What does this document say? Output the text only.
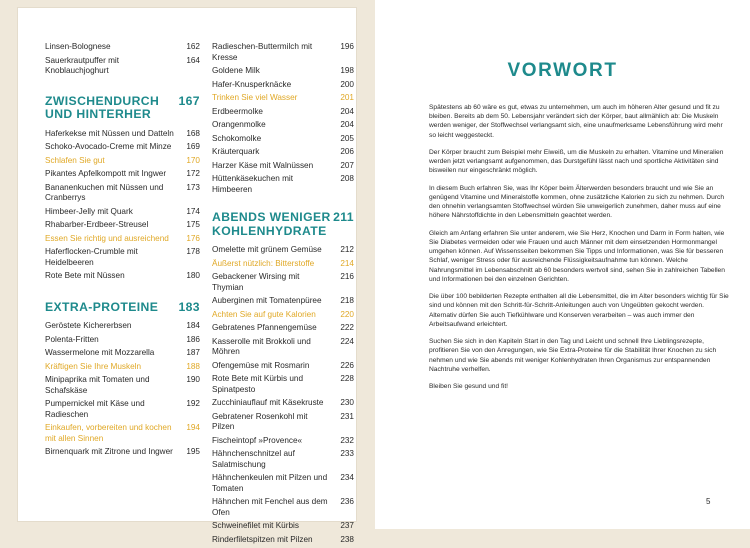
Linsen-Bolognese	162
Sauerkrautpuffer mit Knoblauchjoghurt
164
ZWISCHENDURCH UND HINTERHER
167
Haferkekse mit Nüssen und Datteln	168
Schoko-Avocado-Creme mit Minze	169
Schlafen Sie gut	170
Pikantes Apfelkompott mit Ingwer	172
Bananenkuchen mit Nüssen und Cranberrys
173
Himbeer-Jelly mit Quark	174
Rhabarber-Erdbeer-Streusel	175
Essen Sie richtig und ausreichend	176
Haferflocken-Crumble mit Heidelbeeren
178
Rote Bete mit Nüssen	180
EXTRA-PROTEINE 183
Geröstete Kichererbsen	184
Polenta-Fritten	186
Wassermelone mit Mozzarella	187
Kräftigen Sie Ihre Muskeln	188
Minipaprika mit Tomaten und Schafskäse
190
Pumpernickel mit Käse und Radieschen
192
Einkaufen, vorbereiten und kochen mit allen Sinnen
194
Birnenquark mit Zitrone und Ingwer	195
Radieschen-Buttermilch mit Kresse
196
Goldene Milk	198
Hafer-Knusperknäcke	200
Trinken Sie viel Wasser	201
Erdbeermolke	204
Orangenmolke	204
Schokomolke	205
Kräuterquark	206
Harzer Käse mit Walnüssen	207
Hüttenkäsekuchen mit Himbeeren
208
ABENDS WENIGER KOHLENHYDRATE
211
Omelette mit grünem Gemüse	212
Äußerst nützlich: Bitterstoffe	214
Gebackener Wirsing mit Thymian
216
Auberginen mit Tomatenpüree	218
Achten Sie auf gute Kalorien	220
Gebratenes Pfannengemüse	222
Kasserolle mit Brokkoli und Möhren
224
Ofengemüse mit Rosmarin	226
Rote Bete mit Kürbis und Spinatpesto
228
Zucchiniauflauf mit Käsekruste	230
Gebratener Rosenkohl mit Pilzen
231
Fischeintopf »Provence«	232
Hähnchenschnitzel auf Salatmischung
233
Hähnchenkeulen mit Pilzen und Tomaten
234
Hähnchen mit Fenchel aus dem Ofen
236
Schweinefilet mit Kürbis	237
Rinderfiletspitzen mit Pilzen	238
VORWORT

Spätestens ab 60 wäre es gut, etwas zu unternehmen, um auch im höheren Alter gesund und fit zu bleiben. Bereits ab dem 50. Lebensjahr verändert sich der Körper, baut allmählich ab: Die Muskeln werden weniger, der Stoffwechsel verlangsamt sich, eine unaufmerksame Lebensführung wird mehr so leicht weggesteckt.

Der Körper braucht zum Beispiel mehr Eiweiß, um die Muskeln zu erhalten. Vitamine und Mineralien werden jetzt verlangsamt aufgenommen, das Durstgefühl lässt nach und sportliche Aktivitäten sind bisweilen nur eingeschränkt möglich.

In diesem Buch erfahren Sie, was Ihr Köper beim Älterwerden besonders braucht und wie Sie an genügend Vitamine und Mineralstoffe kommen, ohne zusätzliche Kalorien zu sich zu nehmen. Durch den ohnehin verlangsamten Stoffwechsel würden Sie unweigerlich zunehmen, daher muss auf eine höhere Nährstoffdichte in den Lebensmitteln geachtet werden.

Gleich am Anfang erfahren Sie unter anderem, wie Sie Herz, Knochen und Darm in Form halten, wie Sie Diabetes vermeiden oder wie Frauen und auch Männer mit dem einsetzenden Hormonmangel umgehen können. Auf Wissensseiten bekommen Sie Tipps und Informationen, was Sie für besseren Schlaf, weniger Stress oder für ausreichende Flüssigkeitsaufnahme tun können. Welche Nahrungsmittel im Lebensabschnitt ab 60 besonders wertvoll sind, sehen Sie in zahlreichen Tabellen und Informationen bei den einzelnen Gerichten.

Die über 100 bebilderten Rezepte enthalten all die Lebensmittel, die im Alter besonders wichtig für Sie sind und können mit den Schritt-für-Schritt-Anleitungen auch von Ungeübten gekocht werden. Alternativ dürfen Sie auch Tiefkühlware und Konserven verarbeiten – was auch immer den Arbeitsaufwand erleichtert.

Suchen Sie sich in den Kapiteln Start in den Tag und Leicht und schnell Ihre Lieblingsrezepte, profitieren Sie von den Anregungen, wie Sie Extra-Proteine für die Stabilität Ihrer Knochen zu sich nehmen und wie Sie abends mit weniger Kohlenhydraten Ihren Organismus zur entspannenden Nachtruhe verhelfen.

Bleiben Sie gesund und fit!

5
